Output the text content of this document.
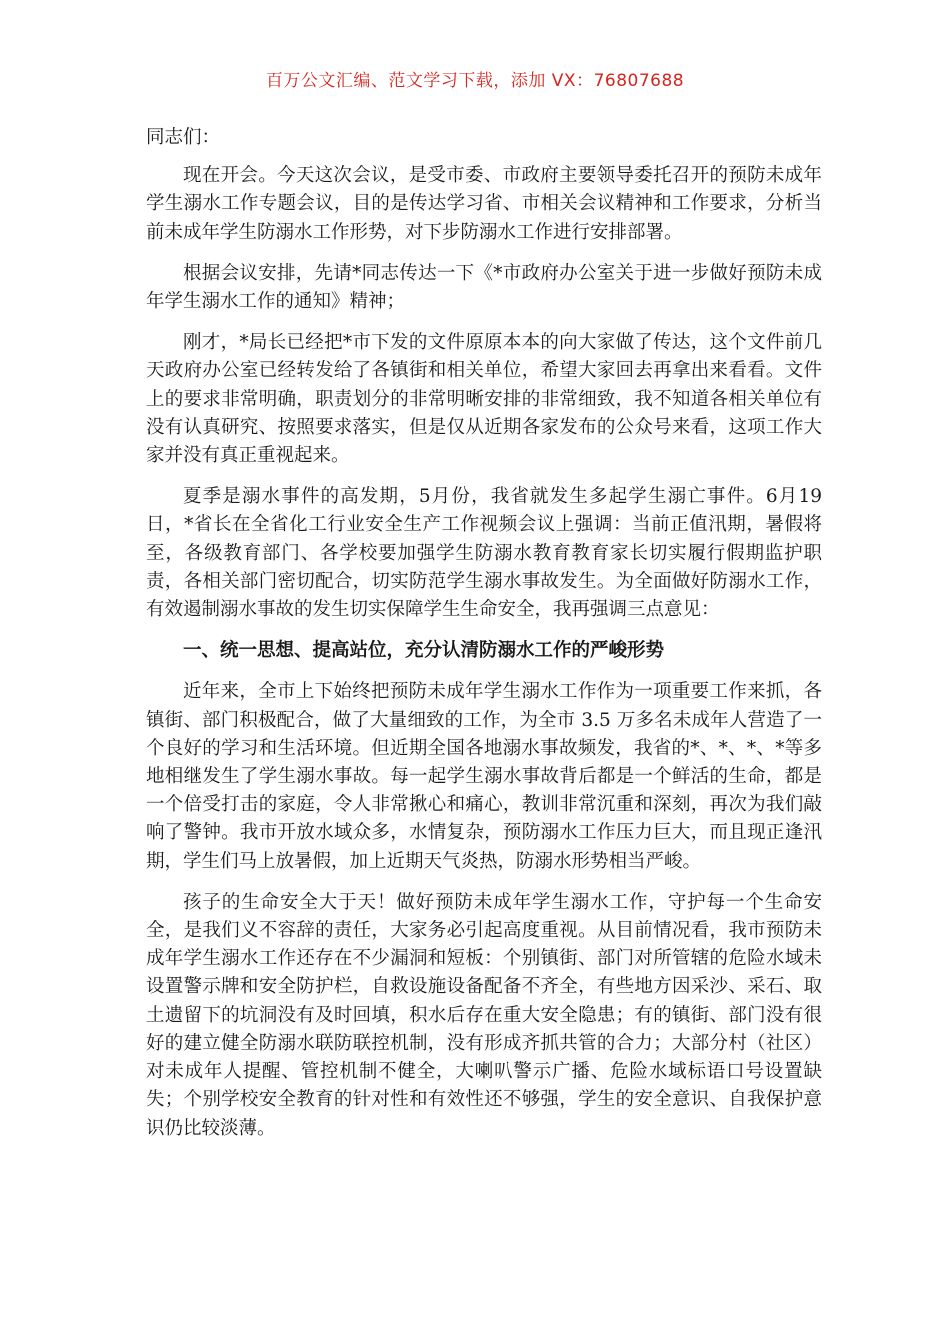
百万公文汇编、范文学习下载，添加 VX：76807688

同志们：

现在开会。今天这次会议，是受市委、市政府主要领导委托召开的预防未成年学生溺水工作专题会议，目的是传达学习省、市相关会议精神和工作要求，分析当前未成年学生防溺水工作形势，对下步防溺水工作进行安排部署。

根据会议安排，先请*同志传达一下《*市政府办公室关于进一步做好预防未成年学生溺水工作的通知》精神；

刚才，*局长已经把*市下发的文件原原本本的向大家做了传达，这个文件前几天政府办公室已经转发给了各镇街和相关单位，希望大家回去再拿出来看看。文件上的要求非常明确，职责划分的非常明晰安排的非常细致，我不知道各相关单位有没有认真研究、按照要求落实，但是仅从近期各家发布的公众号来看，这项工作大家并没有真正重视起来。

夏季是溺水事件的高发期，5月份，我省就发生多起学生溺亡事件。6月19日，*省长在全省化工行业安全生产工作视频会议上强调：当前正值汛期，暑假将至，各级教育部门、各学校要加强学生防溺水教育教育家长切实履行假期监护职责，各相关部门密切配合，切实防范学生溺水事故发生。为全面做好防溺水工作，有效遏制溺水事故的发生切实保障学生生命安全，我再强调三点意见：

一、统一思想、提高站位，充分认清防溺水工作的严峻形势

近年来，全市上下始终把预防未成年学生溺水工作作为一项重要工作来抓，各镇街、部门积极配合，做了大量细致的工作，为全市 3.5 万多名未成年人营造了一个良好的学习和生活环境。但近期全国各地溺水事故频发，我省的*、*、*、*等多地相继发生了学生溺水事故。每一起学生溺水事故背后都是一个鲜活的生命，都是一个倍受打击的家庭，令人非常揪心和痛心，教训非常沉重和深刻，再次为我们敲响了警钟。我市开放水域众多，水情复杂，预防溺水工作压力巨大，而且现正逢汛期，学生们马上放暑假，加上近期天气炎热，防溺水形势相当严峻。

孩子的生命安全大于天！做好预防未成年学生溺水工作，守护每一个生命安全，是我们义不容辞的责任，大家务必引起高度重视。从目前情况看，我市预防未成年学生溺水工作还存在不少漏洞和短板：个别镇街、部门对所管辖的危险水域未设置警示牌和安全防护栏，自救设施设备配备不齐全，有些地方因采沙、采石、取土遗留下的坑洞没有及时回填，积水后存在重大安全隐患；有的镇街、部门没有很好的建立健全防溺水联防联控机制，没有形成齐抓共管的合力；大部分村（社区）对未成年人提醒、管控机制不健全，大喇叭警示广播、危险水域标语口号设置缺失；个别学校安全教育的针对性和有效性还不够强，学生的安全意识、自我保护意识仍比较淡薄。
